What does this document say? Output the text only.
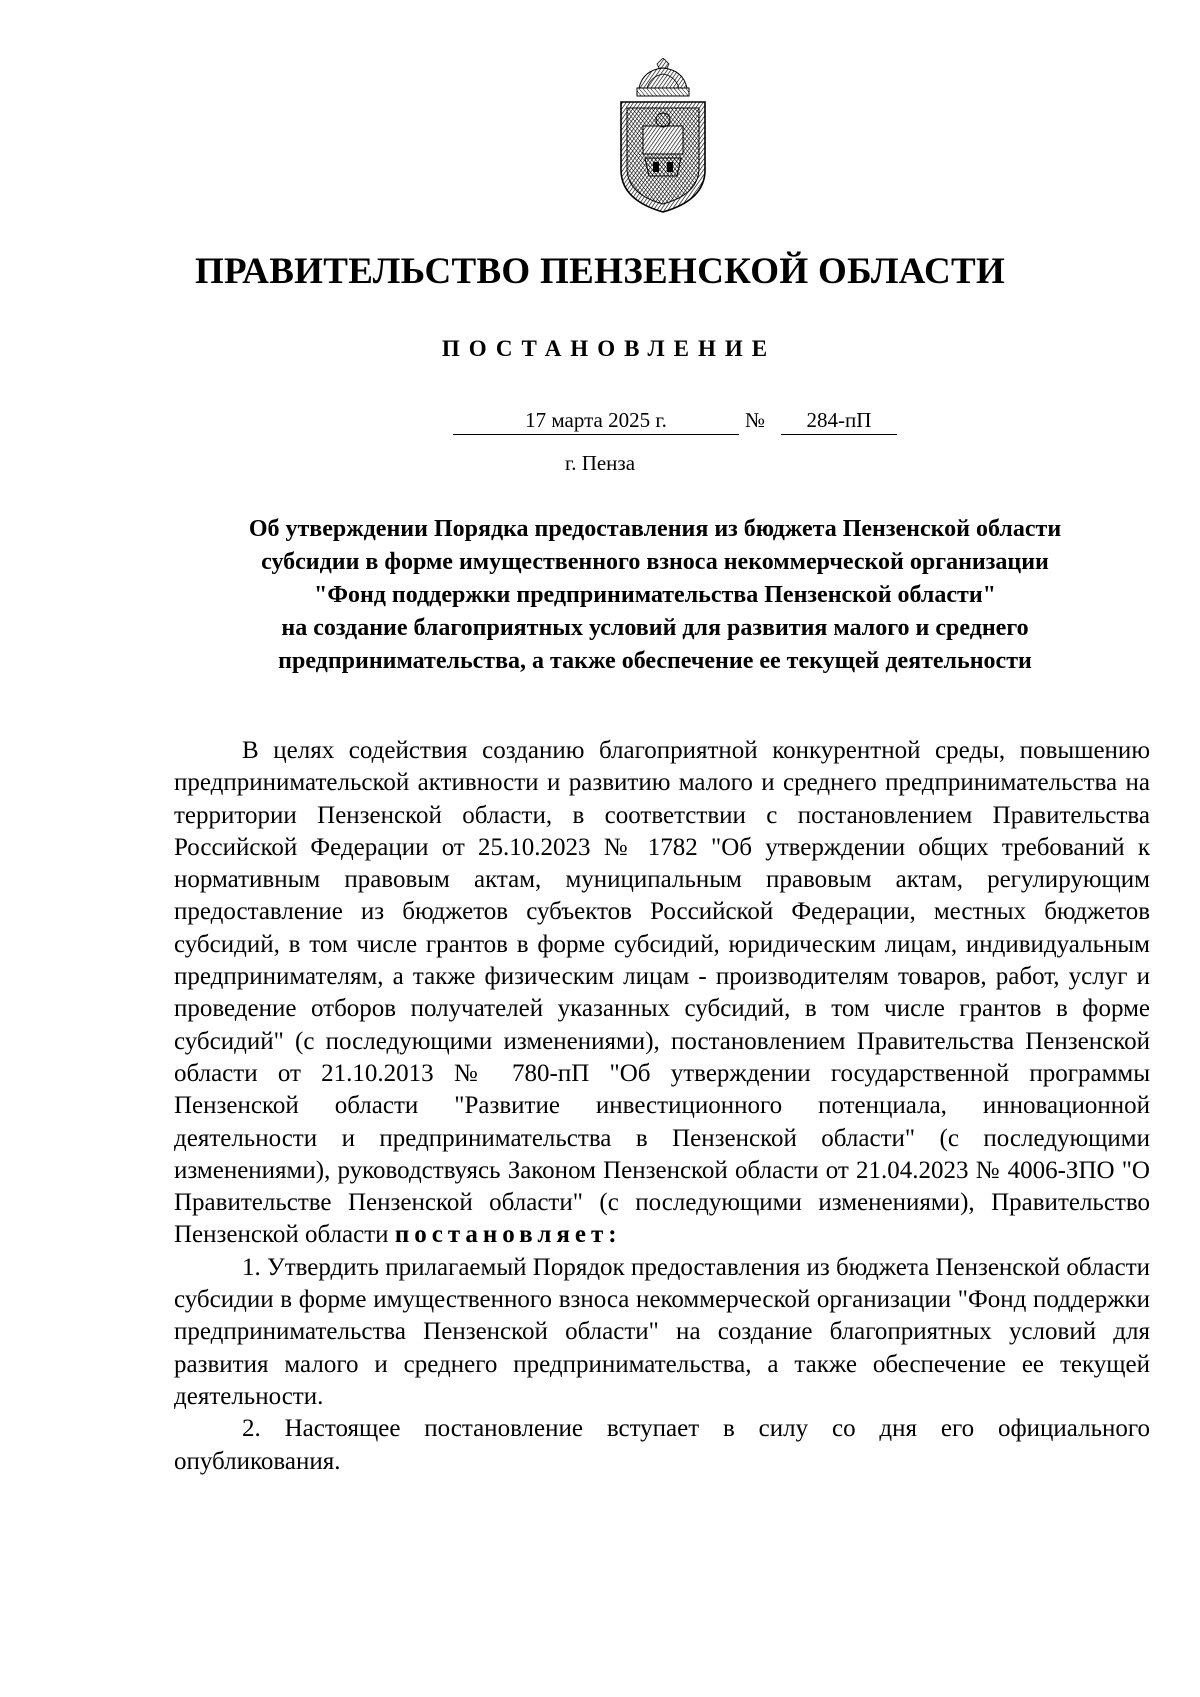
ПРАВИТЕЛЬСТВО ПЕНЗЕНСКОЙ ОБЛАСТИ
ПОСТАНОВЛЕНИЕ
17 марта 2025 г.	№	284-пП
г. Пенза
Об утверждении Порядка предоставления из бюджета Пензенской области
субсидии в форме имущественного взноса некоммерческой организации
"Фонд поддержки предпринимательства Пензенской области"
на создание благоприятных условий для развития малого и среднего
предпринимательства, а также обеспечение ее текущей деятельности

В целях содействия созданию благоприятной конкурентной среды, повышению предпринимательской активности и развитию малого и среднего предпринимательства на территории Пензенской области, в соответствии с постановлением Правительства Российской Федерации от 25.10.2023 № 1782 "Об утверждении общих требований к нормативным правовым актам, муниципальным правовым актам, регулирующим предоставление из бюджетов субъектов Российской Федерации, местных бюджетов субсидий, в том числе грантов в форме субсидий, юридическим лицам, индивидуальным предпринимателям, а также физическим лицам - производителям товаров, работ, услуг и проведение отборов получателей указанных субсидий, в том числе грантов в форме субсидий" (с последующими изменениями), постановлением Правительства Пензенской области от 21.10.2013 № 780-пП "Об утверждении государственной программы Пензенской области "Развитие инвестиционного потенциала, инновационной деятельности и предпринимательства в Пензенской области" (с последующими изменениями), руководствуясь Законом Пензенской области от 21.04.2023 № 4006-ЗПО "О Правительстве Пензенской области" (с последующими изменениями), Правительство Пензенской области постановляет:

1. Утвердить прилагаемый Порядок предоставления из бюджета Пензенской области субсидии в форме имущественного взноса некоммерческой организации "Фонд поддержки предпринимательства Пензенской области" на создание благоприятных условий для развития малого и среднего предпринимательства, а также обеспечение ее текущей деятельности.

2. Настоящее постановление вступает в силу со дня его официального опубликования.
